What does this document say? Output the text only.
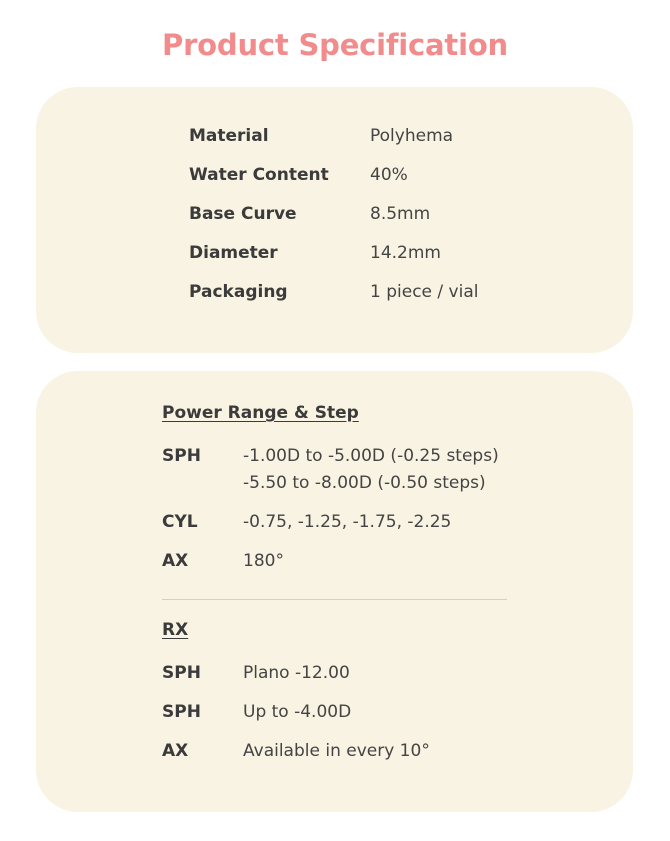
Product Specification
Material	Polyhema
Water Content 40%
Base Curve	8.5mm
Diameter	14.2mm
Packaging	1 piece / vial
Power Range & Step
SPH -1.00D to -5.00D (-0.25 steps)
-5.50 to -8.00D (-0.50 steps)
CYL	-0.75, -1.25, -1.75, -2.25
AX	180°
RX
SPH Plano -12.00
SPH Up to -4.00D
AX	Available in every 10°
